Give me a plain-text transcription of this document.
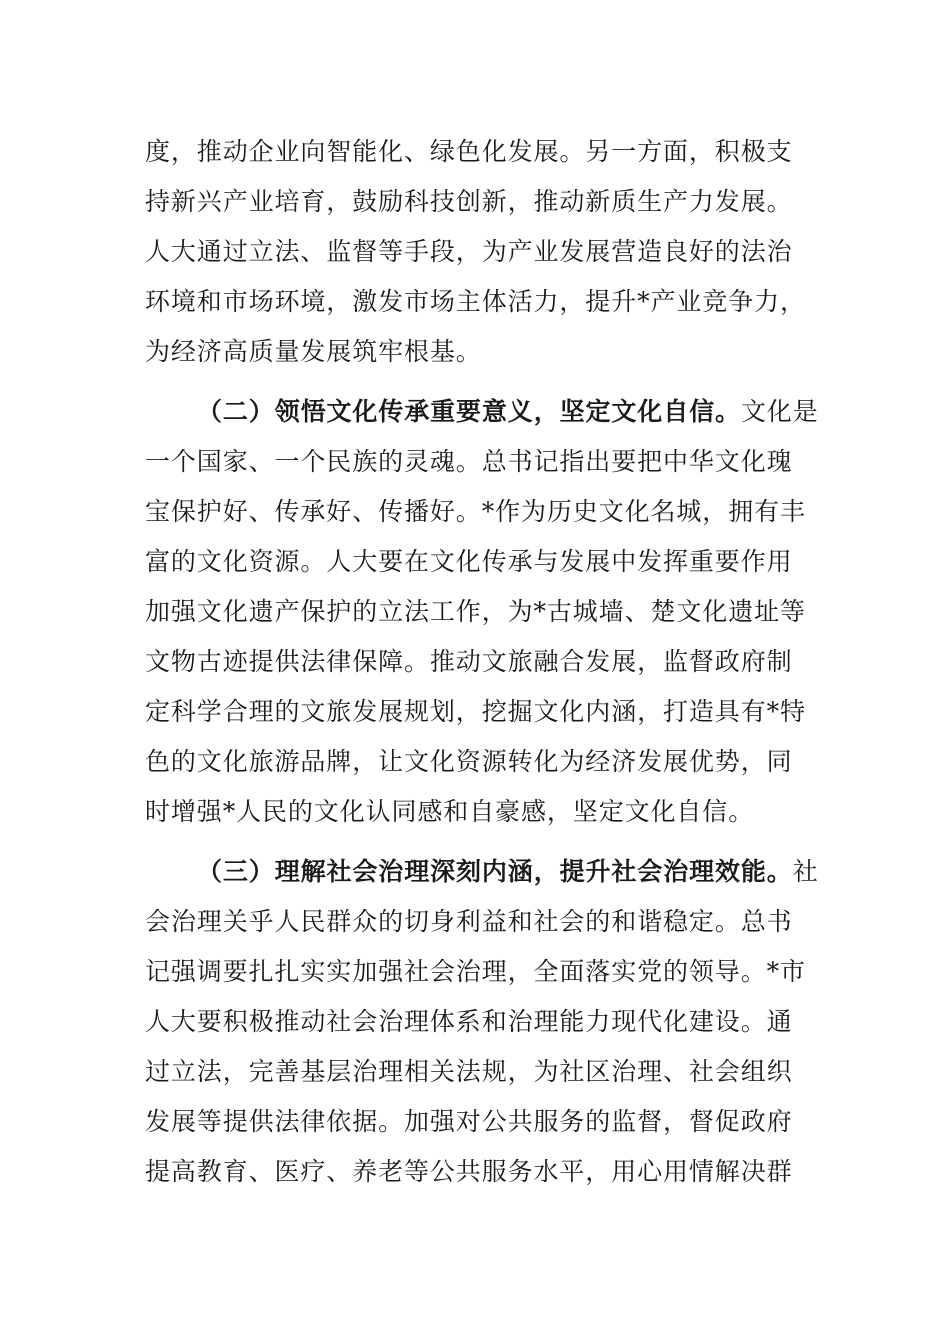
度，推动企业向智能化、绿色化发展。另一方面，积极支
持新兴产业培育，鼓励科技创新，推动新质生产力发展。
人大通过立法、监督等手段，为产业发展营造良好的法治
环境和市场环境，激发市场主体活力，提升*产业竞争力，
为经济高质量发展筑牢根基。
（二）领悟文化传承重要意义，坚定文化自信。文化是
一个国家、一个民族的灵魂。总书记指出要把中华文化瑰
宝保护好、传承好、传播好。*作为历史文化名城，拥有丰
富的文化资源。人大要在文化传承与发展中发挥重要作用
加强文化遗产保护的立法工作，为*古城墙、楚文化遗址等
文物古迹提供法律保障。推动文旅融合发展，监督政府制
定科学合理的文旅发展规划，挖掘文化内涵，打造具有*特
色的文化旅游品牌，让文化资源转化为经济发展优势，同
时增强*人民的文化认同感和自豪感，坚定文化自信。
（三）理解社会治理深刻内涵，提升社会治理效能。社
会治理关乎人民群众的切身利益和社会的和谐稳定。总书
记强调要扎扎实实加强社会治理，全面落实党的领导。*市
人大要积极推动社会治理体系和治理能力现代化建设。通
过立法，完善基层治理相关法规，为社区治理、社会组织
发展等提供法律依据。加强对公共服务的监督，督促政府
提高教育、医疗、养老等公共服务水平，用心用情解决群
